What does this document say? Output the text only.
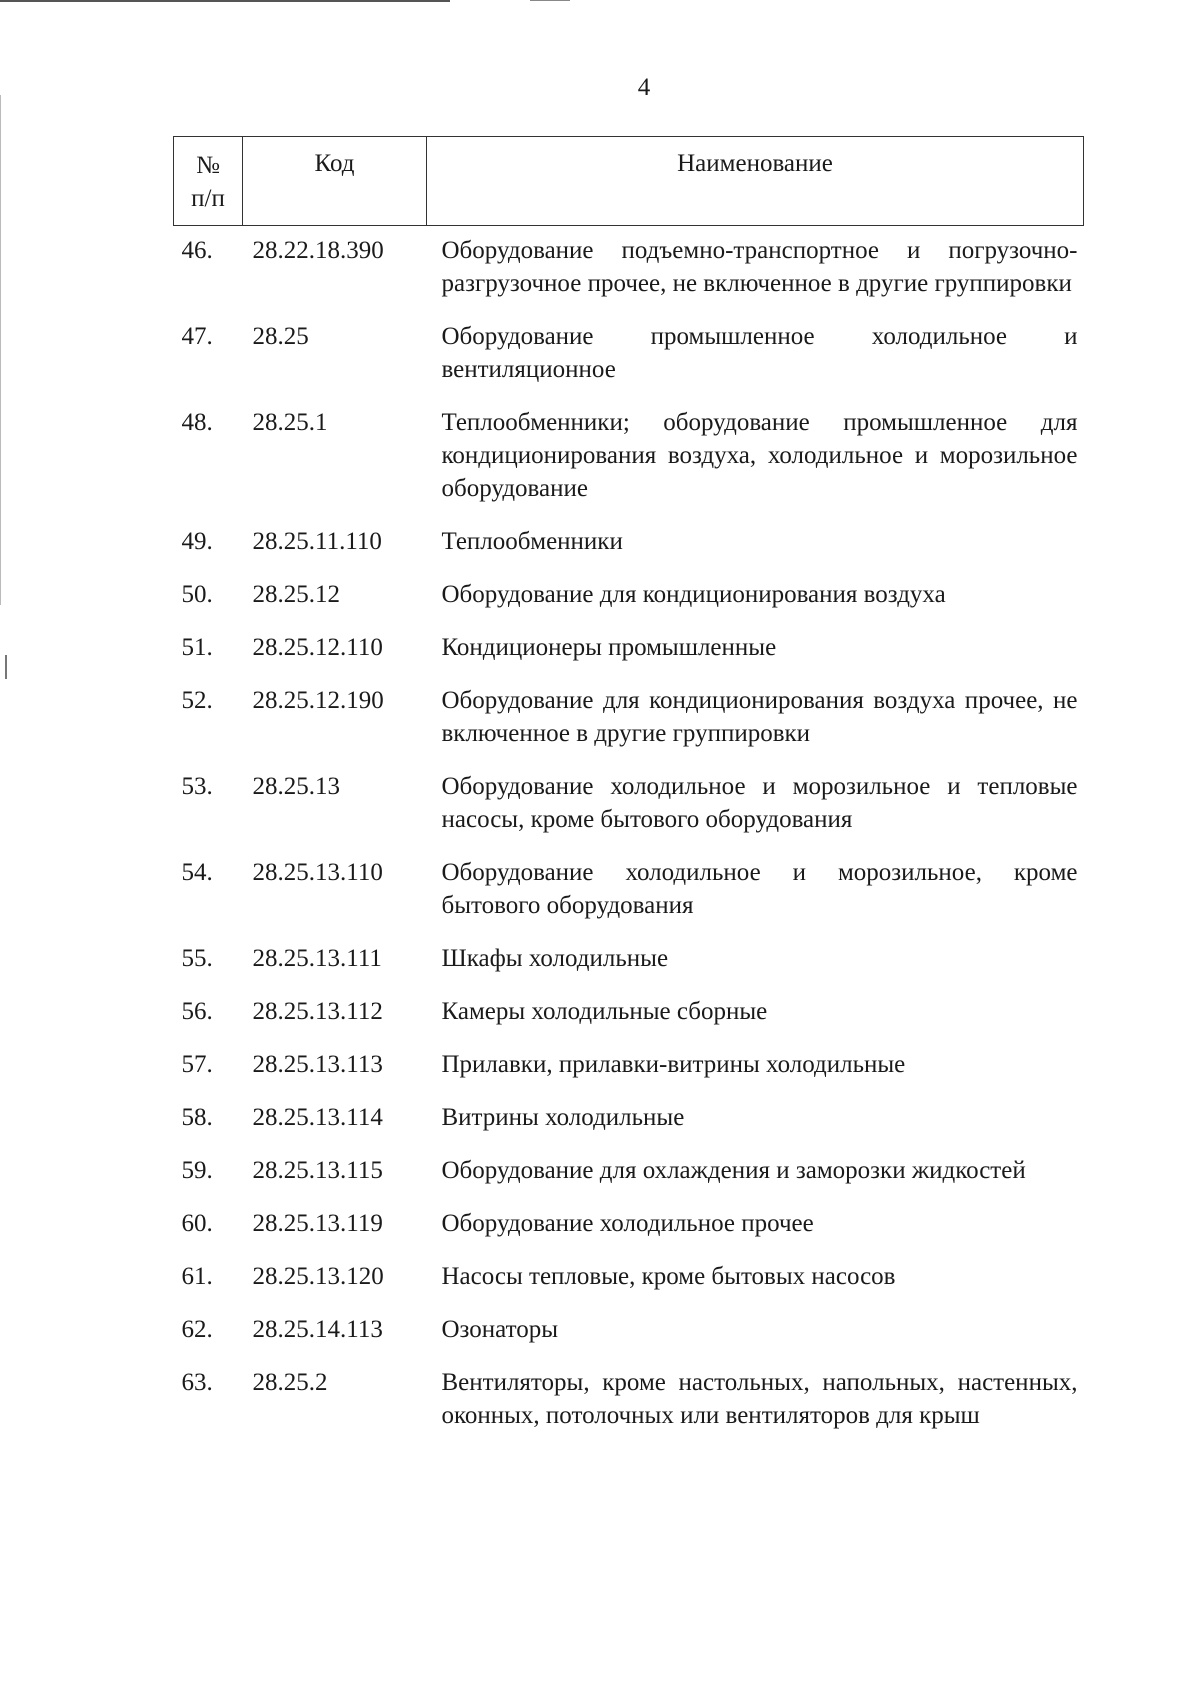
4
№
п/п	Код	Наименование

46.	28.22.18.390	Оборудование подъемно-транспортное и погрузочно-разгрузочное прочее, не включенное в другие группировки
47.	28.25	Оборудование промышленное холодильное и вентиляционное
48.	28.25.1	Теплообменники; оборудование промышленное для кондиционирования воздуха, холодильное и морозильное оборудование
49.	28.25.11.110	Теплообменники
50.	28.25.12	Оборудование для кондиционирования воздуха
51.	28.25.12.110	Кондиционеры промышленные
52.	28.25.12.190	Оборудование для кондиционирования воздуха прочее, не включенное в другие группировки
53.	28.25.13	Оборудование холодильное и морозильное и тепловые насосы, кроме бытового оборудования
54.	28.25.13.110	Оборудование холодильное и морозильное, кроме бытового оборудования
55.	28.25.13.111	Шкафы холодильные
56.	28.25.13.112	Камеры холодильные сборные
57.	28.25.13.113	Прилавки, прилавки-витрины холодильные
58.	28.25.13.114	Витрины холодильные
59.	28.25.13.115	Оборудование для охлаждения и заморозки жидкостей
60.	28.25.13.119	Оборудование холодильное прочее
61.	28.25.13.120	Насосы тепловые, кроме бытовых насосов
62.	28.25.14.113	Озонаторы
63.	28.25.2	Вентиляторы, кроме настольных, напольных, настенных, оконных, потолочных или вентиляторов для крыш
